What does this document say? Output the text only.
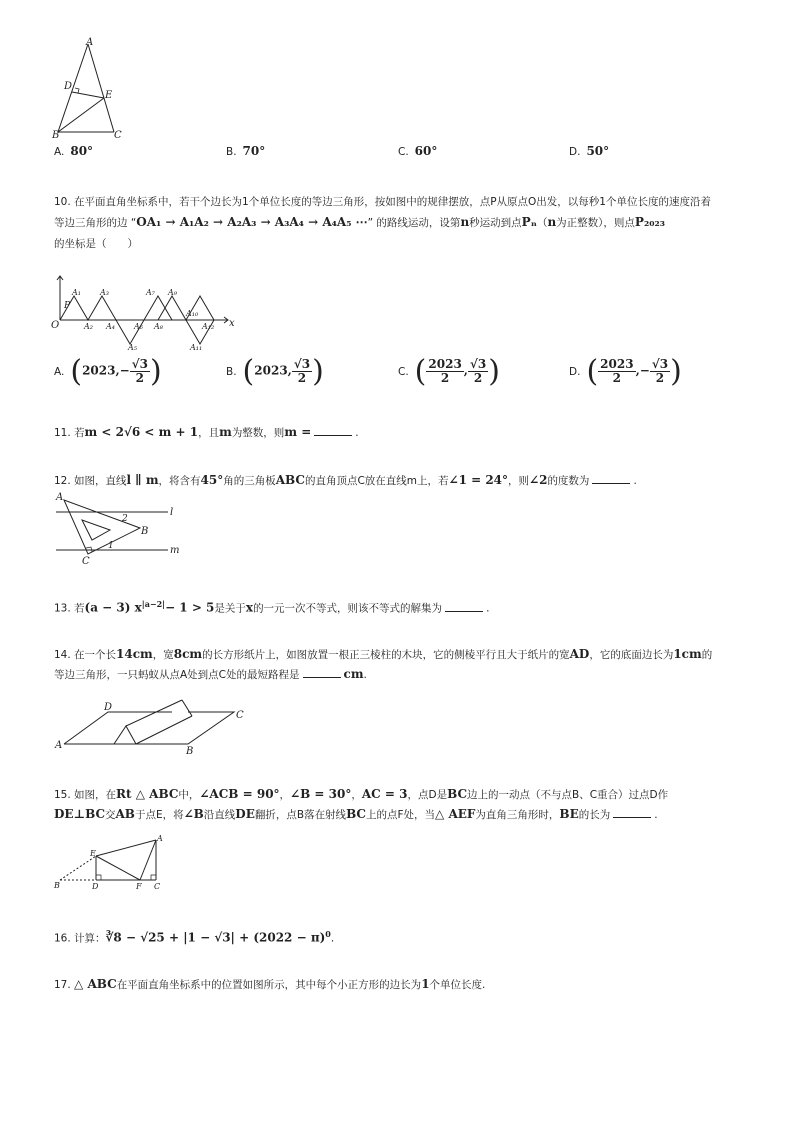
A
D
E
B	C
A. 80°	B. 70°	C. 60°	D. 50°
10. 在平面直角坐标系中，若干个边长为1个单位长度的等边三角形，按如图中的规律摆放，点P从原点O出发，以每秒1个单位长度的速度沿着
等边三角形的边 “OA₁ → A₁A₂ → A₂A₃ → A₃A₄ → A₄A₅ ⋯” 的路线运动，设第n秒运动到点Pₙ（n为正整数），则点P₂₀₂₃
的坐标是（　　）
O
P
x
A₁
A₂
A₃
A₄
A₅
A₆
A₇
A₈
A₉
A₁₀
A₁₁
A₁₂
A. ($2023,- \frac{√3}{2}$ )	B. (2023, $\frac{√3}{2}$ )	C. ( $\frac{2023}{2}$ , $\frac{√3}{2}$ )	D. ( $\frac{2023}{2}$ ,− $\frac{√3}{2}$ )
11. 若m < 2√6 < m + 1，且m为整数，则m =	.
12. 如图，直线l ∥ m，将含有45°角的三角板ABC的直角顶点C放在直线m上，若∠1 = 24°，则∠2的度数为	.
A
B
C
l
m
1
2
13. 若(a − 3) $x^{|a-2|}- 1 > 5$是关于x的一元一次不等式，则该不等式的解集为	.
14. 在一个长14cm，宽8cm的长方形纸片上，如图放置一根正三棱柱的木块，它的侧棱平行且大于纸片的宽AD，它的底面边长为1cm的
等边三角形，一只蚂蚁从点A处到点C处的最短路程是	cm.
A
B
C
D
15. 如图，在Rt △ ABC中，∠ACB = 90°，∠B = 30°，AC = 3，点D是BC边上的一动点（不与点B、C重合）过点D作
DE⊥BC交AB于点E，将∠B沿直线DE翻折，点B落在射线BC上的点F处，当△ AEF为直角三角形时，BE的长为	.
A
B	C
D
E
F
16. 计算：∛8 − $√25 + |1 - √3| + (2022 - \pi)^0$.
17. △ ABC在平面直角坐标系中的位置如图所示，其中每个小正方形的边长为1个单位长度.
